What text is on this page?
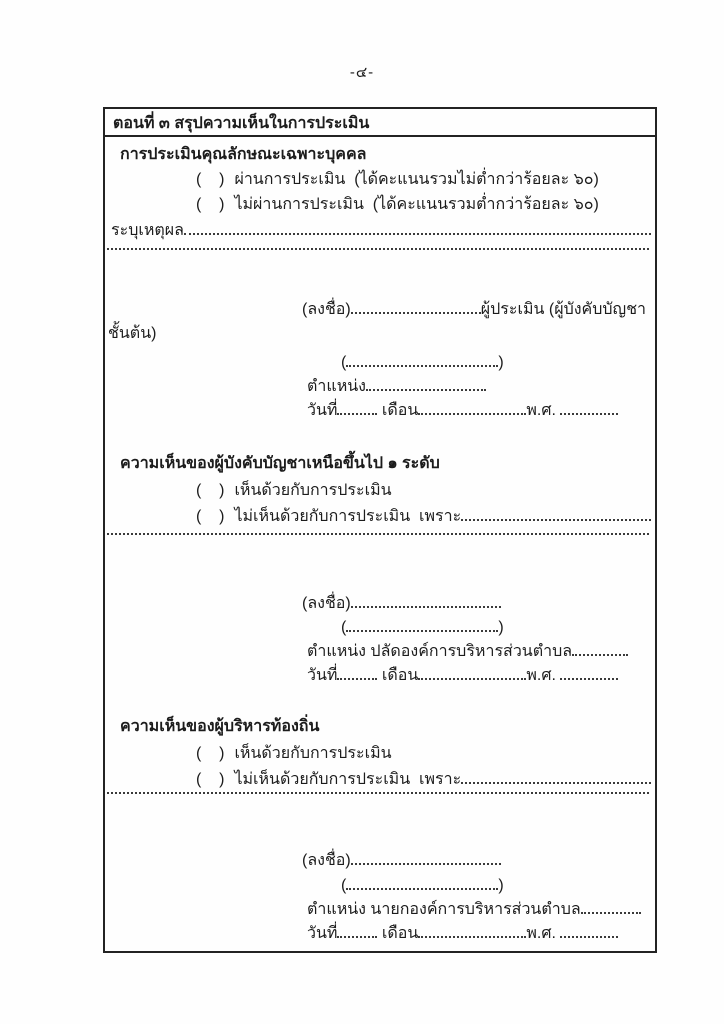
-๔-
ตอนที่ ๓ สรุปความเห็นในการประเมิน
การประเมินคุณลักษณะเฉพาะบุคคล
(    ) ผ่านการประเมิน  (ได้คะแนนรวมไม่ต่ำกว่าร้อยละ ๖๐)
(    ) ไม่ผ่านการประเมิน  (ได้คะแนนรวมต่ำกว่าร้อยละ ๖๐)
ระบุเหตุผล
(ลงชื่อ)	ผู้ประเมิน (ผู้บังคับบัญชา
ชั้นต้น)
(	)
ตำแหน่ง
วันที่	เดือน	พ.ศ.
ความเห็นของผู้บังคับบัญชาเหนือขึ้นไป ๑ ระดับ
(    ) เห็นด้วยกับการประเมิน
(    ) ไม่เห็นด้วยกับการประเมิน  เพราะ
(ลงชื่อ)
(	)
ตำแหน่ง ปลัดองค์การบริหารส่วนตำบล
วันที่	เดือน	พ.ศ.
ความเห็นของผู้บริหารท้องถิ่น
(    ) เห็นด้วยกับการประเมิน
(    ) ไม่เห็นด้วยกับการประเมิน  เพราะ
(ลงชื่อ)
(	)
ตำแหน่ง นายกองค์การบริหารส่วนตำบล
วันที่	เดือน	พ.ศ.
